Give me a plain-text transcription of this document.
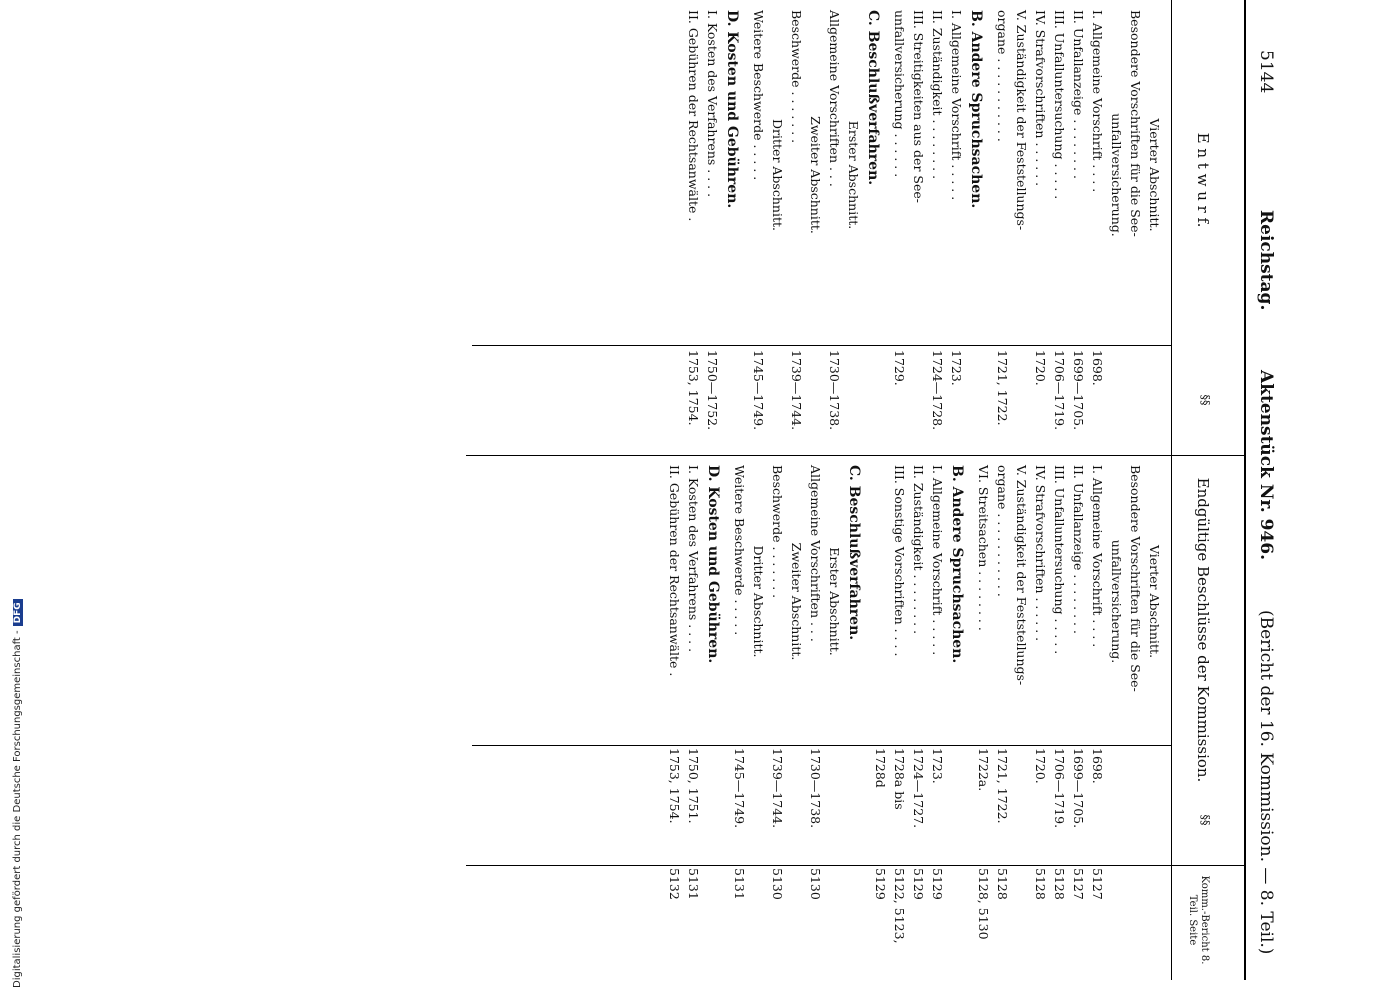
Digitalisierung gefördert durch die Deutsche Forschungsgemeinschaft -DFG
5144
Reichstag.
Aktenstück Nr. 946.
(Bericht der 16. Kommission. — 8. Teil.)
E n t w u r f.
§§
Endgültige Beschlüsse der Kommission.
§§
Komm.-Bericht 8. Teil. Seite
Vierter Abschnitt.
Besondere Vorschriften für die See-
unfallversicherung.
I. Allgemeine Vorschrift . . . .
1698.
II. Unfallanzeige . . . . . . . .
1699—1705.
III. Unfalluntersuchung . . . . .
1706—1719.
IV. Strafvorschriften . . . . . .
1720.
V. Zuständigkeit der Feststellungs-
organe . . . . . . . . . . .
1721, 1722.
B. Andere Spruchsachen.
I. Allgemeine Vorschrift . . . . .
1723.
II. Zuständigkeit . . . . . . . .
1724—1728.
III. Streitigkeiten aus der See-
unfallversicherung . . . . . .
1729.
C. Beschlußverfahren.
Erster Abschnitt.
Allgemeine Vorschriften . . .
1730—1738.
Zweiter Abschnitt.
Beschwerde . . . . . . .
1739—1744.
Dritter Abschnitt.
Weitere Beschwerde . . . . .
1745—1749.
D. Kosten und Gebühren.
I. Kosten des Verfahrens . . . .
1750—1752.
II. Gebühren der Rechtsanwälte .
1753, 1754.
Vierter Abschnitt.
Besondere Vorschriften für die See-
unfallversicherung.
I. Allgemeine Vorschrift . . . .
1698.
5127
II. Unfallanzeige . . . . . . . .
1699—1705.
5127
III. Unfalluntersuchung . . . . .
1706—1719.
5128
IV. Strafvorschriften . . . . . .
1720.
5128
V. Zuständigkeit der Feststellungs-
organe . . . . . . . . . . .
1721, 1722.
5128
VI. Streitsachen . . . . . . . .
1722a.
5128, 5130
B. Andere Spruchsachen.
I. Allgemeine Vorschrift . . . . .
1723.
5129
II. Zuständigkeit . . . . . . . .
1724—1727.
5129
III. Sonstige Vorschriften . . . .
1728a bis
5122, 5123,
1728d
5129
C. Beschlußverfahren.
Erster Abschnitt.
Allgemeine Vorschriften . . .
1730—1738.
5130
Zweiter Abschnitt.
Beschwerde . . . . . . .
1739—1744.
5130
Dritter Abschnitt.
Weitere Beschwerde . . . . .
1745—1749.
5131
D. Kosten und Gebühren.
I. Kosten des Verfahrens . . . .
1750, 1751.
5131
II. Gebühren der Rechtsanwälte .
1753, 1754.
5132
